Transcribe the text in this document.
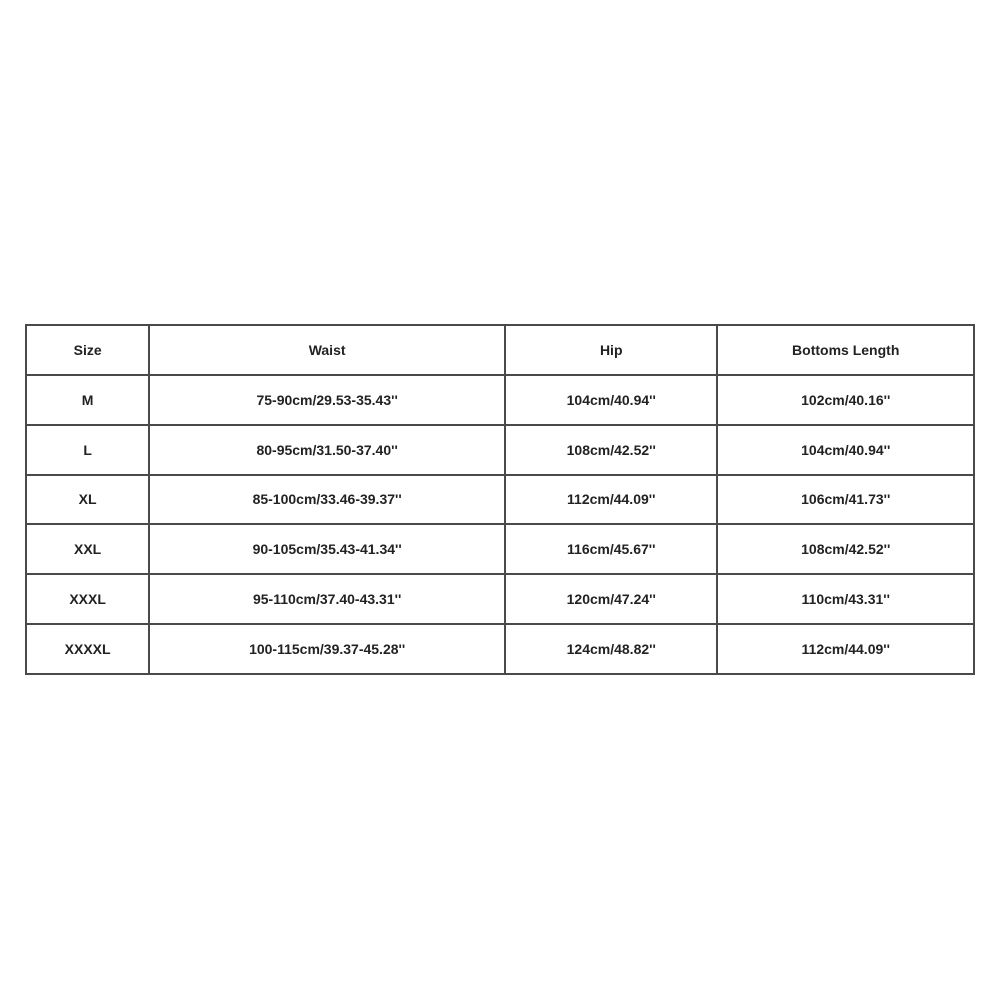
Size	Waist	Hip	Bottoms Length
M	75-90cm/29.53-35.43''	104cm/40.94''	102cm/40.16''
L	80-95cm/31.50-37.40''	108cm/42.52''	104cm/40.94''
XL	85-100cm/33.46-39.37''	112cm/44.09''	106cm/41.73''
XXL	90-105cm/35.43-41.34''	116cm/45.67''	108cm/42.52''
XXXL	95-110cm/37.40-43.31''	120cm/47.24''	110cm/43.31''
XXXXL	100-115cm/39.37-45.28''	124cm/48.82''	112cm/44.09''
